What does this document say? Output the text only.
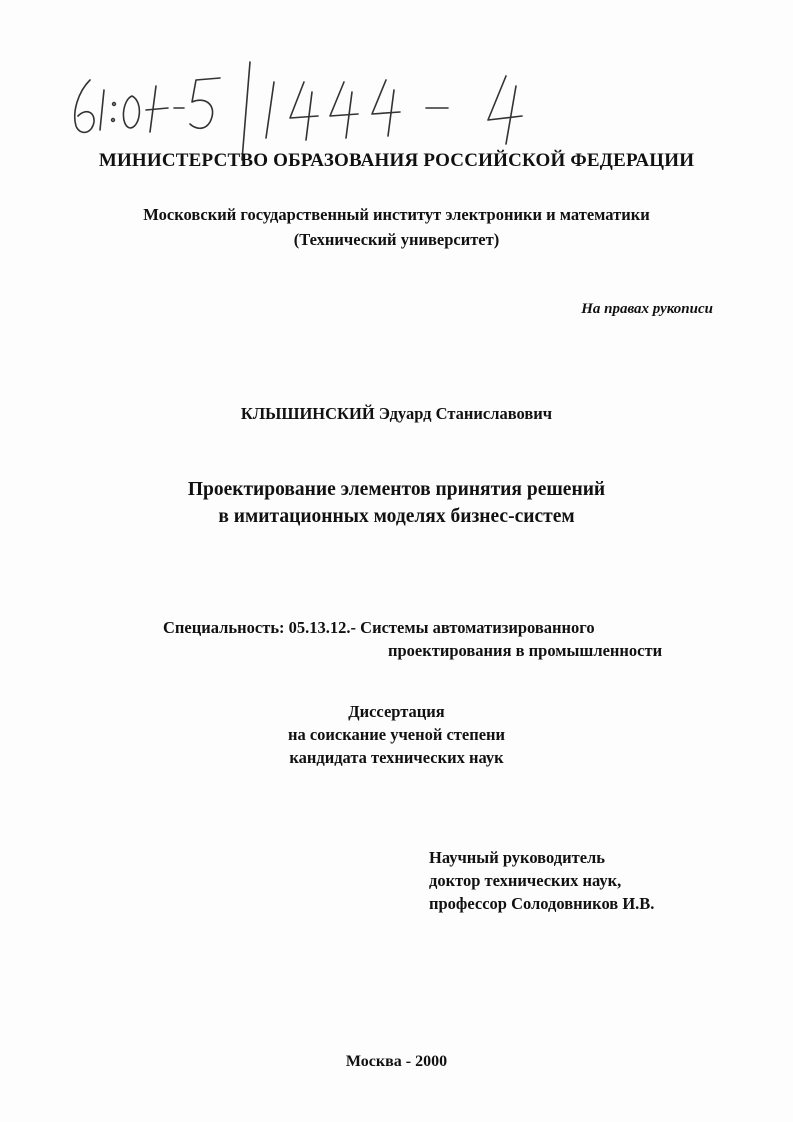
МИНИСТЕРСТВО ОБРАЗОВАНИЯ РОССИЙСКОЙ ФЕДЕРАЦИИ
Московский государственный институт электроники и математики
(Технический университет)
На правах рукописи
КЛЫШИНСКИЙ Эдуард Станиславович
Проектирование элементов принятия решений
в имитационных моделях бизнес-систем
Специальность: 05.13.12.- Системы автоматизированного
проектирования в промышленности
Диссертация
на соискание ученой степени
кандидата технических наук
Научный руководитель
доктор технических наук,
профессор Солодовников И.В.
Москва - 2000
